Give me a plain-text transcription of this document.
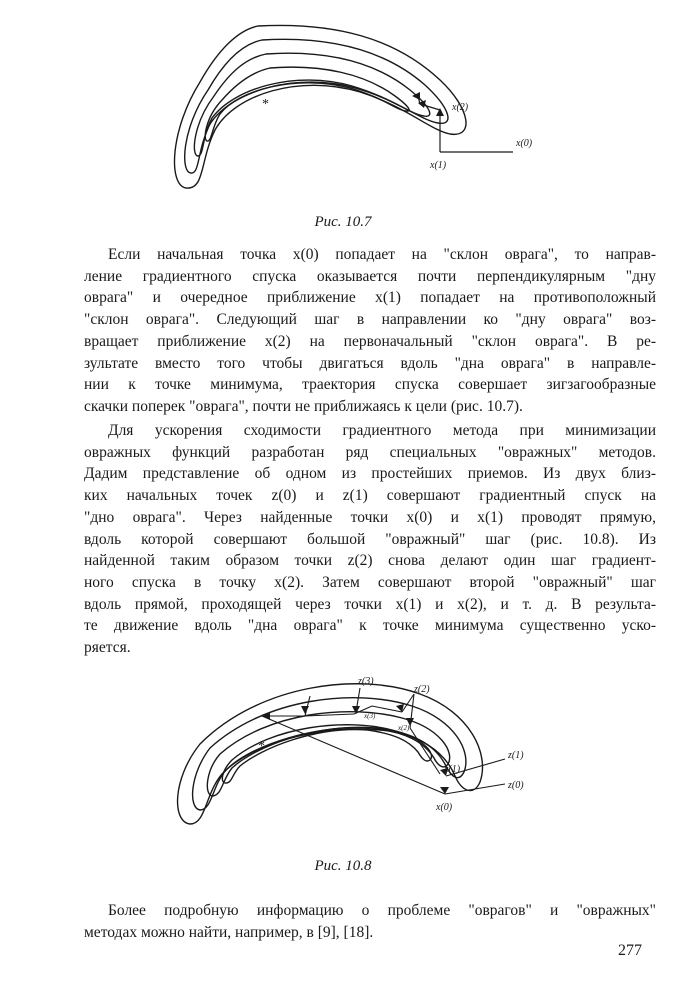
*
x(0)
x(1)
x(2)
Рис. 10.7
Если начальная точка x(0) попадает на "склон оврага", то направ-
ление градиентного спуска оказывается почти перпендикулярным "дну
оврага" и очередное приближение x(1) попадает на противоположный
"склон оврага". Следующий шаг в направлении ко "дну оврага" воз-
вращает приближение x(2) на первоначальный "склон оврага". В ре-
зультате вместо того чтобы двигаться вдоль "дна оврага" в направле-
нии к точке минимума, траектория спуска совершает зигзагообразные
скачки поперек "оврага", почти не приближаясь к цели (рис. 10.7).
Для ускорения сходимости градиентного метода при минимизации
овражных функций разработан ряд специальных "овражных" методов.
Дадим представление об одном из простейших приемов. Из двух близ-
ких начальных точек z(0) и z(1) совершают градиентный спуск на
"дно оврага". Через найденные точки x(0) и x(1) проводят прямую,
вдоль которой совершают большой "овражный" шаг (рис. 10.8). Из
найденной таким образом точки z(2) снова делают один шаг градиент-
ного спуска в точку x(2). Затем совершают второй "овражный" шаг
вдоль прямой, проходящей через точки x(1) и x(2), и т. д. В результа-
те движение вдоль "дна оврага" к точке минимума существенно уско-
ряется.
*
z(0)
z(1)
z(3)
z(2)
x(0)
x(1)
x(2)
x(3)
Рис. 10.8
Более подробную информацию о проблеме "оврагов" и "овражных"
методах можно найти, например, в [9], [18].
277
